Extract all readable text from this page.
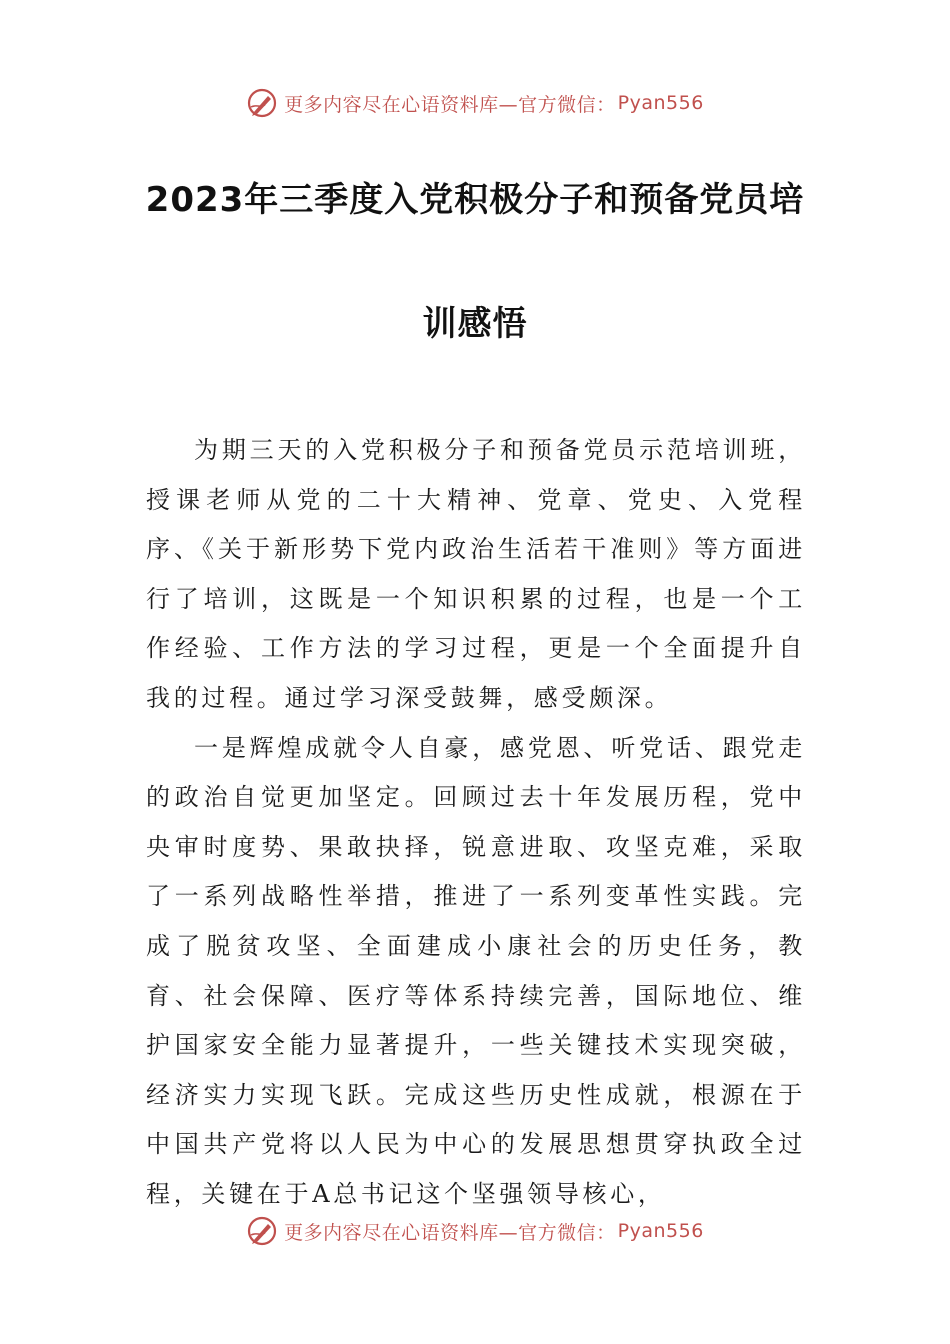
更多内容尽在心语资料库—官方微信： Pyan556
2023年三季度入党积极分子和预备党员培
训感悟

为期三天的入党积极分子和预备党员示范培训班，授课老师从党的二十大精神、党章、党史、入党程序、《关于新形势下党内政治生活若干准则》等方面进行了培训，这既是一个知识积累的过程，也是一个工作经验、工作方法的学习过程，更是一个全面提升自我的过程。通过学习深受鼓舞，感受颇深。

一是辉煌成就令人自豪，感党恩、听党话、跟党走的政治自觉更加坚定。回顾过去十年发展历程，党中央审时度势、果敢抉择，锐意进取、攻坚克难，采取了一系列战略性举措，推进了一系列变革性实践。完成了脱贫攻坚、全面建成小康社会的历史任务，教育、社会保障、医疗等体系持续完善，国际地位、维护国家安全能力显著提升，一些关键技术实现突破，经济实力实现飞跃。完成这些历史性成就，根源在于中国共产党将以人民为中心的发展思想贯穿执政全过程，关键在于A总书记这个坚强领导核心，

更多内容尽在心语资料库—官方微信： Pyan556
